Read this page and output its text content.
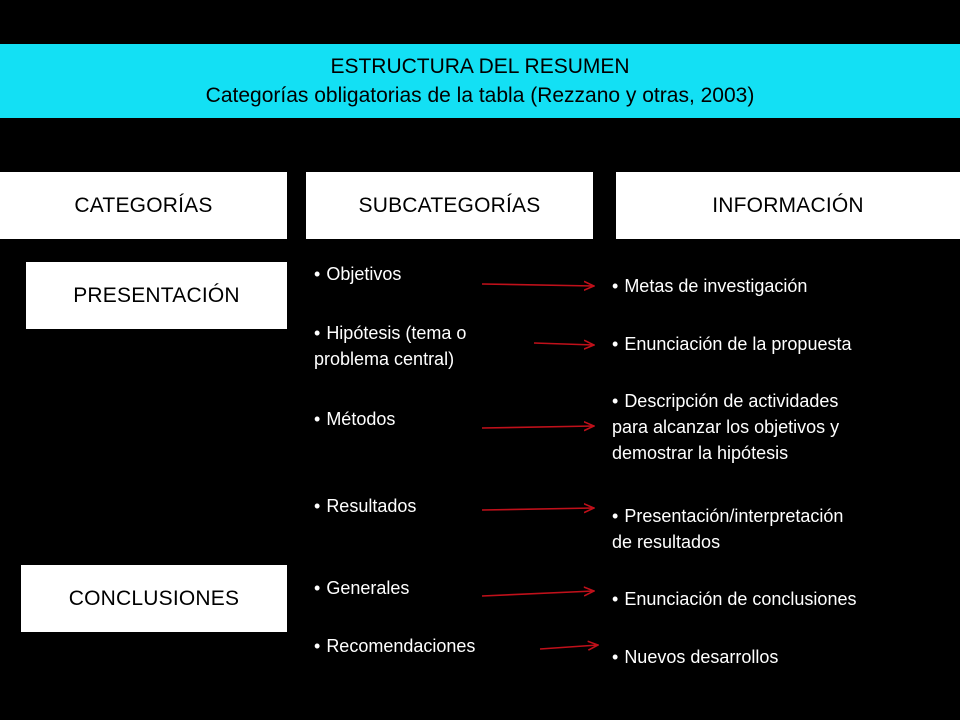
ESTRUCTURA DEL RESUMEN
Categorías obligatorias de la tabla (Rezzano y otras, 2003)
CATEGORÍAS	SUBCATEGORÍAS	INFORMACIÓN
PRESENTACIÓN
CONCLUSIONES
• Objetivos
• Hipótesis (tema o
problema central)
• Métodos
• Resultados
• Generales
• Recomendaciones
• Metas de investigación
• Enunciación de la propuesta
• Descripción de actividades
para alcanzar los objetivos y
demostrar la hipótesis
• Presentación/interpretación
de resultados
• Enunciación de conclusiones
• Nuevos desarrollos
